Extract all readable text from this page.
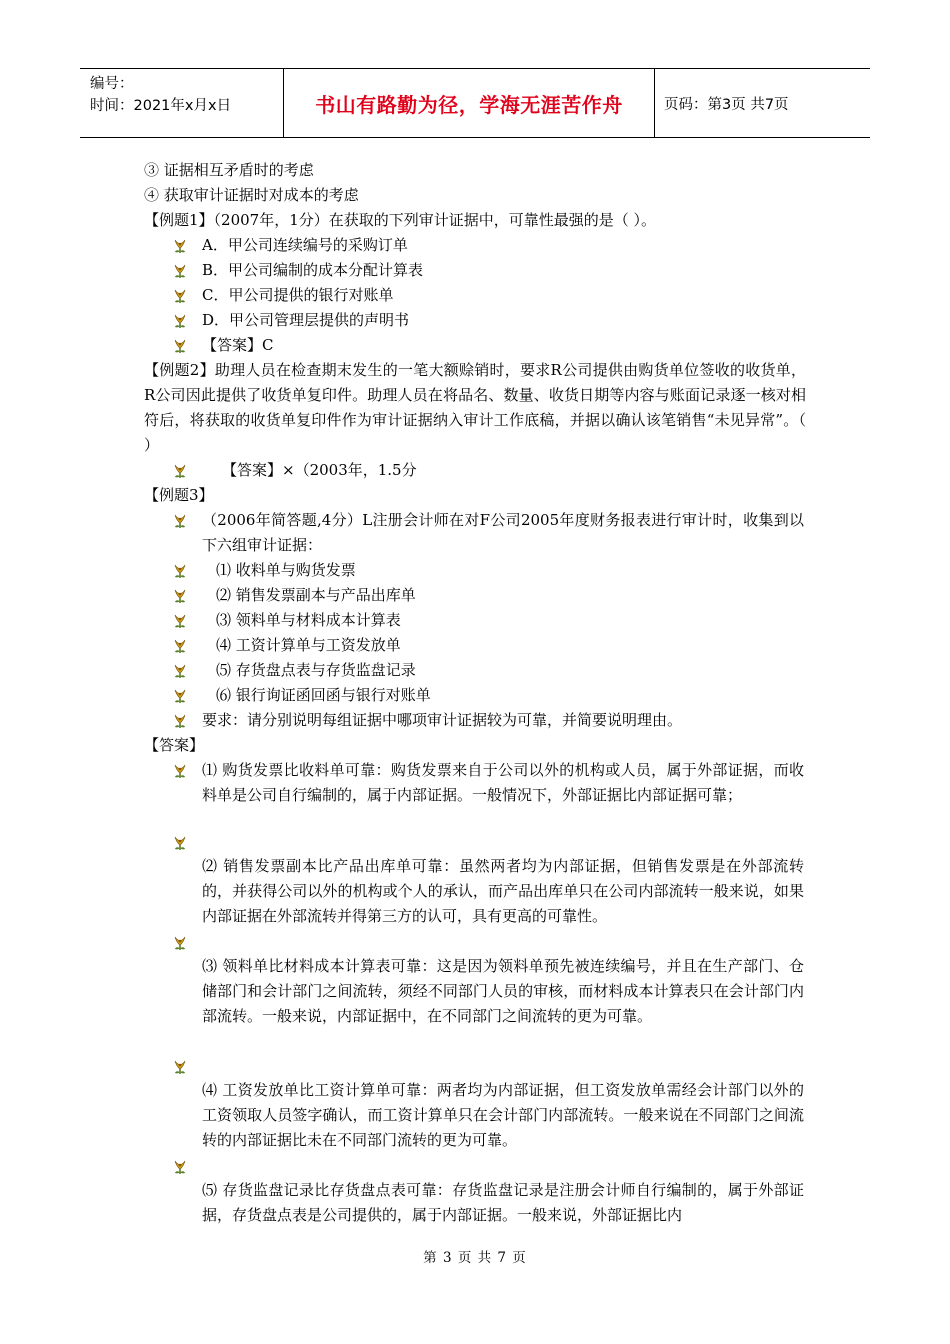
编号：
时间：2021年x月x日	书山有路勤为径，学海无涯苦作舟	页码：第3页 共7页
③ 证据相互矛盾时的考虑
④ 获取审计证据时对成本的考虑
【例题1】（2007年，1分）在获取的下列审计证据中，可靠性最强的是（ ）。
A．甲公司连续编号的采购订单
B．甲公司编制的成本分配计算表
C．甲公司提供的银行对账单
D．甲公司管理层提供的声明书
【答案】C
【例题2】助理人员在检查期末发生的一笔大额赊销时，要求R公司提供由购货单位签收的收货单，R公司因此提供了收货单复印件。助理人员在将品名、数量、收货日期等内容与账面记录逐一核对相符后，将获取的收货单复印件作为审计证据纳入审计工作底稿，并据以确认该笔销售“未见异常”。（ ）
【答案】×（2003年，1.5分
【例题3】
（2006年简答题,4分）L注册会计师在对F公司2005年度财务报表进行审计时，收集到以下六组审计证据：
⑴ 收料单与购货发票
⑵ 销售发票副本与产品出库单
⑶ 领料单与材料成本计算表
⑷ 工资计算单与工资发放单
⑸ 存货盘点表与存货监盘记录
⑹ 银行询证函回函与银行对账单
要求：请分别说明每组证据中哪项审计证据较为可靠，并简要说明理由。
【答案】
⑴ 购货发票比收料单可靠：购货发票来自于公司以外的机构或人员，属于外部证据，而收料单是公司自行编制的，属于内部证据。一般情况下，外部证据比内部证据可靠；
⑵ 销售发票副本比产品出库单可靠：虽然两者均为内部证据，但销售发票是在外部流转的，并获得公司以外的机构或个人的承认，而产品出库单只在公司内部流转一般来说，如果内部证据在外部流转并得第三方的认可，具有更高的可靠性。
⑶ 领料单比材料成本计算表可靠：这是因为领料单预先被连续编号，并且在生产部门、仓储部门和会计部门之间流转，须经不同部门人员的审核，而材料成本计算表只在会计部门内部流转。一般来说，内部证据中，在不同部门之间流转的更为可靠。
⑷ 工资发放单比工资计算单可靠：两者均为内部证据，但工资发放单需经会计部门以外的工资领取人员签字确认，而工资计算单只在会计部门内部流转。一般来说在不同部门之间流转的内部证据比未在不同部门流转的更为可靠。
⑸ 存货监盘记录比存货盘点表可靠：存货监盘记录是注册会计师自行编制的，属于外部证据，存货盘点表是公司提供的，属于内部证据。一般来说，外部证据比内
第 3 页 共 7 页
